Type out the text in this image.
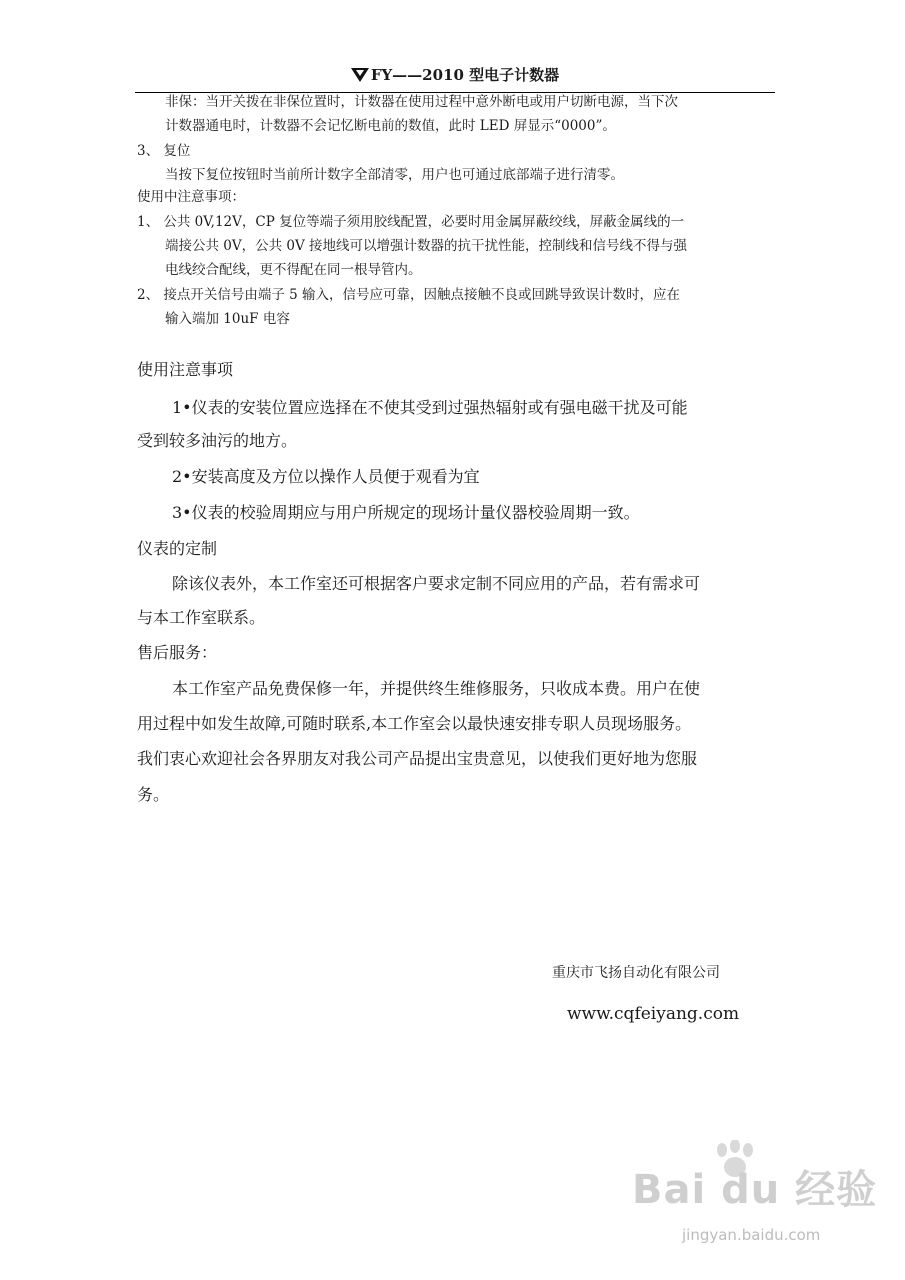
FY——2010 型电子计数器
非保：当开关拨在非保位置时，计数器在使用过程中意外断电或用户切断电源，当下次
计数器通电时，计数器不会记忆断电前的数值，此时 LED 屏显示“0000”。
3、 复位
当按下复位按钮时当前所计数字全部清零，用户也可通过底部端子进行清零。
使用中注意事项：
1、 公共 0V,12V，CP 复位等端子须用胶线配置，必要时用金属屏蔽绞线，屏蔽金属线的一
端接公共 0V，公共 0V 接地线可以增强计数器的抗干扰性能，控制线和信号线不得与强
电线绞合配线，更不得配在同一根导管内。
2、 接点开关信号由端子 5 输入，信号应可靠，因触点接触不良或回跳导致误计数时，应在
输入端加 10uF 电容
使用注意事项
1•仪表的安装位置应选择在不使其受到过强热辐射或有强电磁干扰及可能
受到较多油污的地方。
2•安装高度及方位以操作人员便于观看为宜
3•仪表的校验周期应与用户所规定的现场计量仪器校验周期一致。
仪表的定制
除该仪表外，本工作室还可根据客户要求定制不同应用的产品，若有需求可
与本工作室联系。
售后服务：
本工作室产品免费保修一年，并提供终生维修服务，只收成本费。用户在使
用过程中如发生故障,可随时联系,本工作室会以最快速安排专职人员现场服务。
我们衷心欢迎社会各界朋友对我公司产品提出宝贵意见，以使我们更好地为您服
务。
重庆市飞扬自动化有限公司
www.cqfeiyang.com
Bai du 经验
jingyan.baidu.com
